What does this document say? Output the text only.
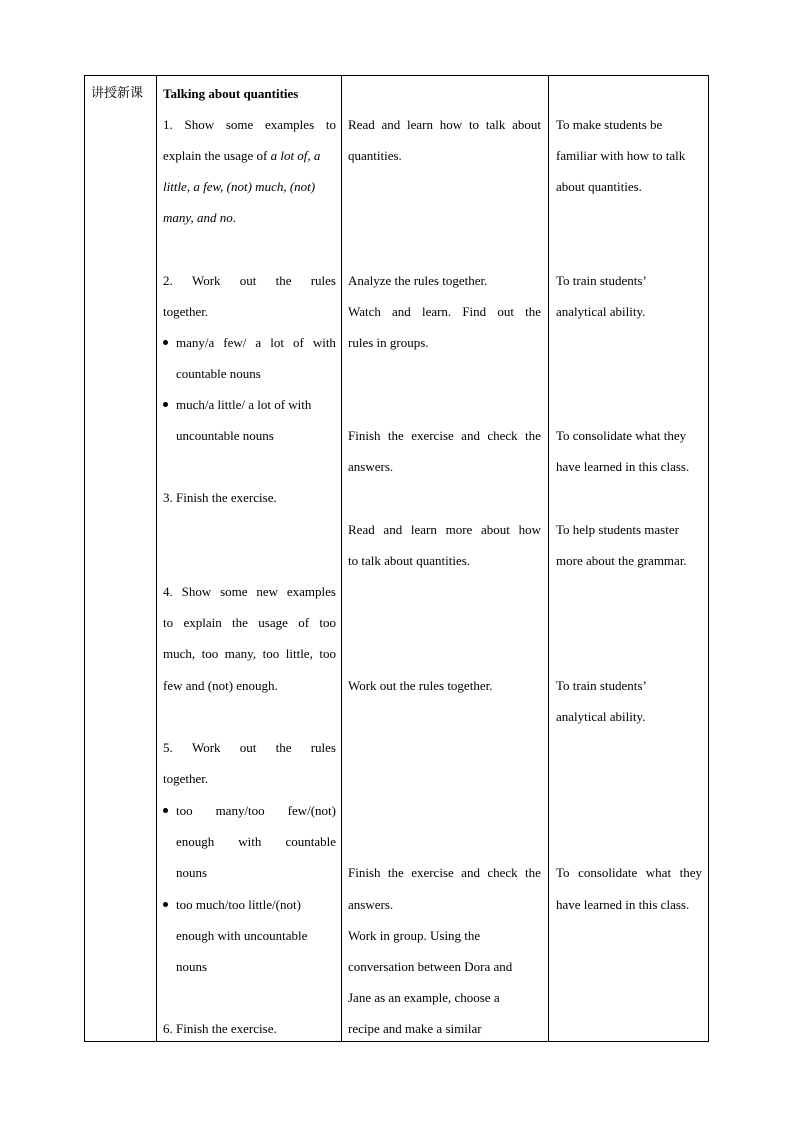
讲授新课 Talking about quantities
1. Show some examples to
explain the usage of a lot of, a
little, a few, (not) much, (not)
many, and no.
2. Work out the rules
together.
many/a few/ a lot of with
countable nouns
much/a little/ a lot of with
uncountable nouns
3. Finish the exercise.
4. Show some new examples
to explain the usage of too
much, too many, too little, too
few and (not) enough.
5. Work out the rules
together.
too many/too few/(not)
enough with countable
nouns
too much/too little/(not)
enough with uncountable
nouns
6. Finish the exercise.
Read and learn how to talk about
quantities.
Analyze the rules together.
Watch and learn. Find out the
rules in groups.
Finish the exercise and check the
answers.
Read and learn more about how
to talk about quantities.
Work out the rules together.
Finish the exercise and check the
answers.
Work in group. Using the
conversation between Dora and
Jane as an example, choose a
recipe and make a similar
To make students be
familiar with how to talk
about quantities.
To train students’
analytical ability.
To consolidate what they
have learned in this class.
To help students master
more about the grammar.
To train students’
analytical ability.
To consolidate what they
have learned in this class.
